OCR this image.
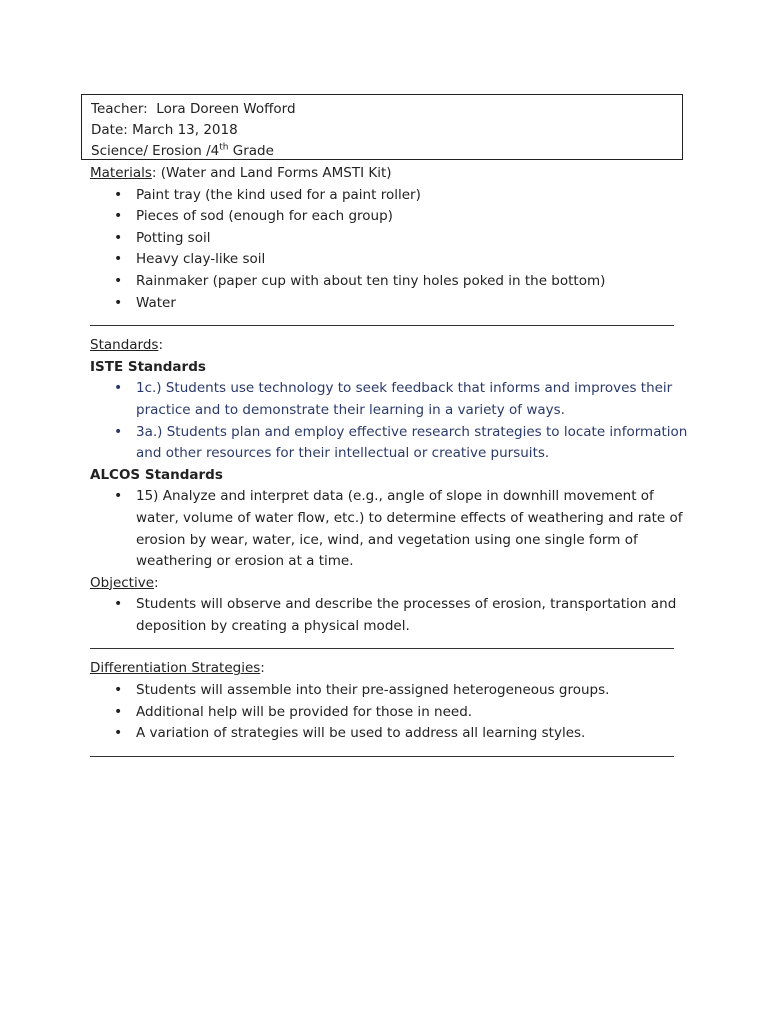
Teacher: Lora Doreen Wofford
Date: March 13, 2018
Science/ Erosion /4th Grade
Materials: (Water and Land Forms AMSTI Kit)
• Paint tray (the kind used for a paint roller)
• Pieces of sod (enough for each group)
• Potting soil
• Heavy clay-like soil
• Rainmaker (paper cup with about ten tiny holes poked in the bottom)
• Water
Standards:
ISTE Standards
• 1c.) Students use technology to seek feedback that informs and improves their practice and to demonstrate their learning in a variety of ways.
• 3a.) Students plan and employ effective research strategies to locate information and other resources for their intellectual or creative pursuits.
ALCOS Standards
• 15) Analyze and interpret data (e.g., angle of slope in downhill movement of water, volume of water flow, etc.) to determine effects of weathering and rate of erosion by wear, water, ice, wind, and vegetation using one single form of weathering or erosion at a time.
Objective:
• Students will observe and describe the processes of erosion, transportation and deposition by creating a physical model.
Differentiation Strategies:
• Students will assemble into their pre-assigned heterogeneous groups.
• Additional help will be provided for those in need.
• A variation of strategies will be used to address all learning styles.
